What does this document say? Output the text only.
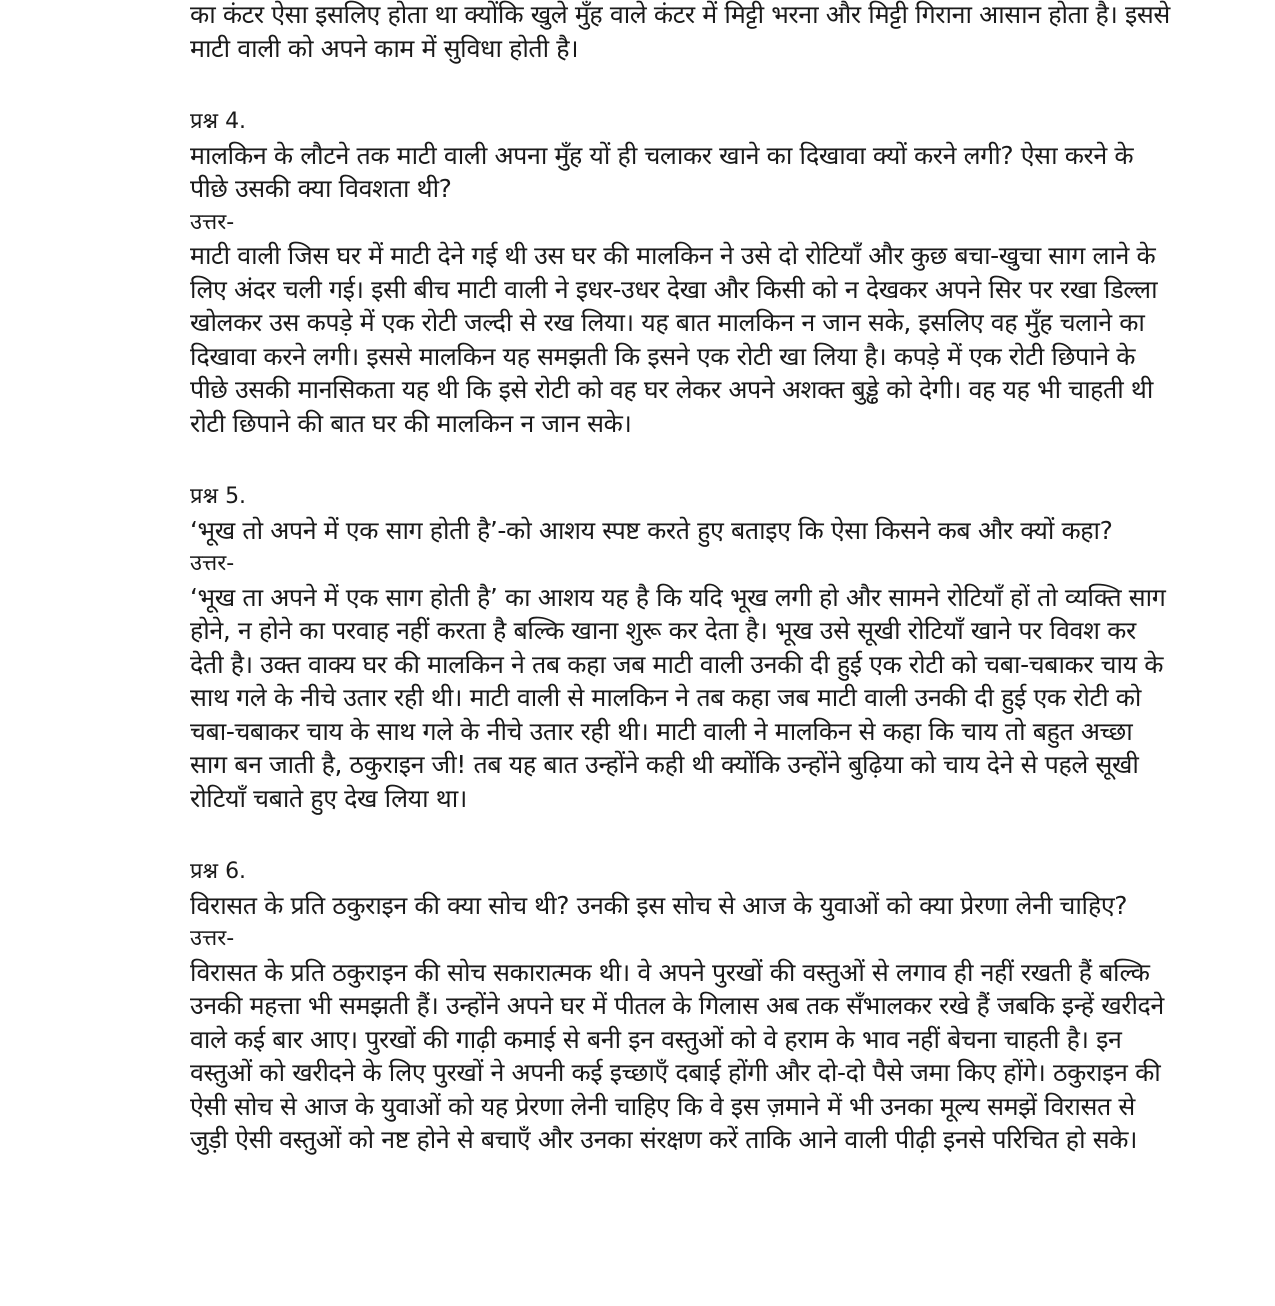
का कंटर ऐसा इसलिए होता था क्योंकि खुले मुँह वाले कंटर में मिट्टी भरना और मिट्टी गिराना आसान होता है। इससे माटी वाली को अपने काम में सुविधा होती है।

प्रश्न 4.

मालकिन के लौटने तक माटी वाली अपना मुँह यों ही चलाकर खाने का दिखावा क्यों करने लगी? ऐसा करने के पीछे उसकी क्या विवशता थी?

उत्तर-

माटी वाली जिस घर में माटी देने गई थी उस घर की मालकिन ने उसे दो रोटियाँ और कुछ बचा-खुचा साग लाने के लिए अंदर चली गई। इसी बीच माटी वाली ने इधर-उधर देखा और किसी को न देखकर अपने सिर पर रखा डिल्ला खोलकर उस कपड़े में एक रोटी जल्दी से रख लिया। यह बात मालकिन न जान सके, इसलिए वह मुँह चलाने का दिखावा करने लगी। इससे मालकिन यह समझती कि इसने एक रोटी खा लिया है। कपड़े में एक रोटी छिपाने के पीछे उसकी मानसिकता यह थी कि इसे रोटी को वह घर लेकर अपने अशक्त बुड्ढे को देगी। वह यह भी चाहती थी रोटी छिपाने की बात घर की मालकिन न जान सके।

प्रश्न 5.

‘भूख तो अपने में एक साग होती है’-को आशय स्पष्ट करते हुए बताइए कि ऐसा किसने कब और क्यों कहा?

उत्तर-

‘भूख ता अपने में एक साग होती है’ का आशय यह है कि यदि भूख लगी हो और सामने रोटियाँ हों तो व्यक्ति साग होने, न होने का परवाह नहीं करता है बल्कि खाना शुरू कर देता है। भूख उसे सूखी रोटियाँ खाने पर विवश कर देती है। उक्त वाक्य घर की मालकिन ने तब कहा जब माटी वाली उनकी दी हुई एक रोटी को चबा-चबाकर चाय के साथ गले के नीचे उतार रही थी। माटी वाली से मालकिन ने तब कहा जब माटी वाली उनकी दी हुई एक रोटी को चबा-चबाकर चाय के साथ गले के नीचे उतार रही थी। माटी वाली ने मालकिन से कहा कि चाय तो बहुत अच्छा साग बन जाती है, ठकुराइन जी! तब यह बात उन्होंने कही थी क्योंकि उन्होंने बुढ़िया को चाय देने से पहले सूखी रोटियाँ चबाते हुए देख लिया था।

प्रश्न 6.

विरासत के प्रति ठकुराइन की क्या सोच थी? उनकी इस सोच से आज के युवाओं को क्या प्रेरणा लेनी चाहिए?

उत्तर-

विरासत के प्रति ठकुराइन की सोच सकारात्मक थी। वे अपने पुरखों की वस्तुओं से लगाव ही नहीं रखती हैं बल्कि उनकी महत्ता भी समझती हैं। उन्होंने अपने घर में पीतल के गिलास अब तक सँभालकर रखे हैं जबकि इन्हें खरीदने वाले कई बार आए। पुरखों की गाढ़ी कमाई से बनी इन वस्तुओं को वे हराम के भाव नहीं बेचना चाहती है। इन वस्तुओं को खरीदने के लिए पुरखों ने अपनी कई इच्छाएँ दबाई होंगी और दो-दो पैसे जमा किए होंगे। ठकुराइन की ऐसी सोच से आज के युवाओं को यह प्रेरणा लेनी चाहिए कि वे इस ज़माने में भी उनका मूल्य समझें विरासत से जुड़ी ऐसी वस्तुओं को नष्ट होने से बचाएँ और उनका संरक्षण करें ताकि आने वाली पीढ़ी इनसे परिचित हो सके।
